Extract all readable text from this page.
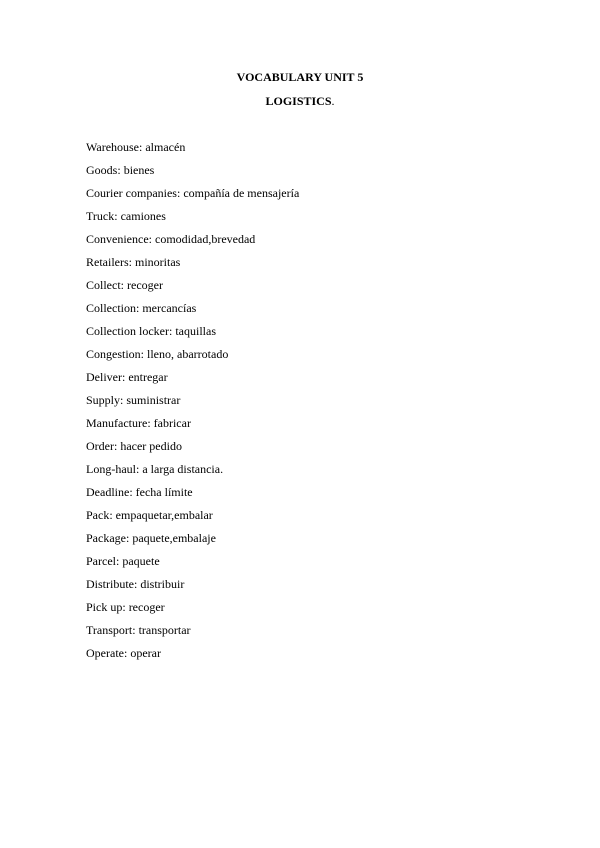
VOCABULARY UNIT 5
LOGISTICS.
Warehouse: almacén
Goods: bienes
Courier companies: compañía de mensajería
Truck: camiones
Convenience: comodidad,brevedad
Retailers: minoritas
Collect: recoger
Collection: mercancías
Collection locker: taquillas
Congestion: lleno, abarrotado
Deliver: entregar
Supply: suministrar
Manufacture: fabricar
Order: hacer pedido
Long-haul: a larga distancia.
Deadline: fecha límite
Pack: empaquetar,embalar
Package: paquete,embalaje
Parcel: paquete
Distribute: distribuir
Pick up: recoger
Transport: transportar
Operate: operar
